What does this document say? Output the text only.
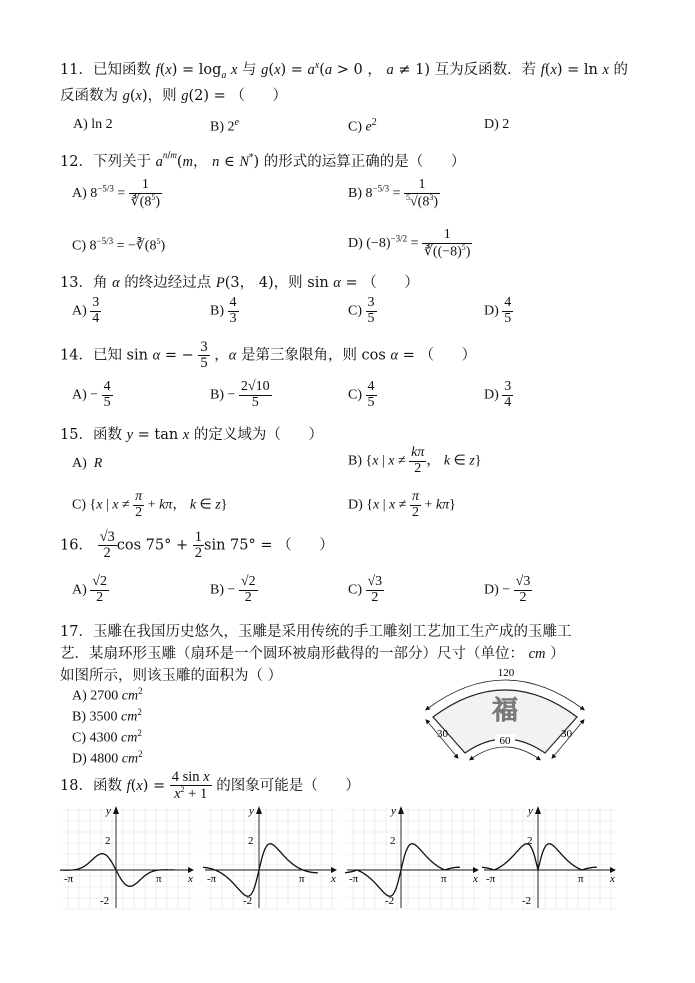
11．已知函数 $f(x) = \log_a x$ 与 $g(x) = a^x(a > 0$ ， a ≠ 1) 互为反函数．若 f(x) = ln x 的
反函数为 g(x)，则 g(2) = （      ）
A) ln 2	B) 2e	C) $e^2$	D) 2
12．下列关于 $a^{n/m}(m$， n ∈ N*) 的形式的运算正确的是（      ）
A) $8^{-5/3} = \frac{1}{∛(8^5)}$	B) $8^{-5/3} = \frac{1}{^5√(8^3)}$
C) $8^{-5/3}$ = $-∛(8^5)$	D) $(-8)^{-3/2} = \frac{1}{∛((-8)^5)}$
13．角 α 的终边经过点 P(3， 4)，则 sin α = （      ）
$A) \frac{3}{4}$	$B) \frac{4}{3}$	$C) \frac{3}{5}$	$D) \frac{4}{5}$
14．已知 sin α = − $\frac{3}{5}$ ，α 是第三象限角，则 cos α = （      ）
$A) - \frac{4}{5}$	$B) - \frac{2√10}{5}$	$C) \frac{4}{5}$	$D) \frac{3}{4}$
15．函数 y = tan x 的定义域为（      ）
A)  R	B) {x | $x \ne \frac{k\pi}{2}$ ， k ∈ z}
C) {x | $x \ne \frac{\pi}{2} + k\pi$， k ∈ z}	D) {x | $x \ne \frac{\pi}{2} + k\pi$}
16． $\frac{√3}{2}$ $\cos 75^\circ + \frac{1}{2}$ sin 75° = （      ）
$A) \frac{√2}{2}$	$B) - \frac{√2}{2}$	$C) \frac{√3}{2}$	$D) - \frac{√3}{2}$
17．玉雕在我国历史悠久，玉雕是采用传统的手工雕刻工艺加工生产成的玉雕工
艺．某扇环形玉雕（扇环是一个圆环被扇形截得的一部分）尺寸（单位： cm ）
如图所示，则该玉雕的面积为（ ）
A) 2700 $cm^2$
B) 3500 $cm^2$
C) 4300 $cm^2$
D) 4800 $cm^2$
120
30	30
60
福
18．函数 $f(x) = \frac{\text{4 sin x}}{x^2 + 1}$ 的图象可能是（      ）
y
x
2
-2
-π	π
y
x
2
-2
-π	π
y
x
2
-2
-π	π
y
x
2
-2
-π	π
